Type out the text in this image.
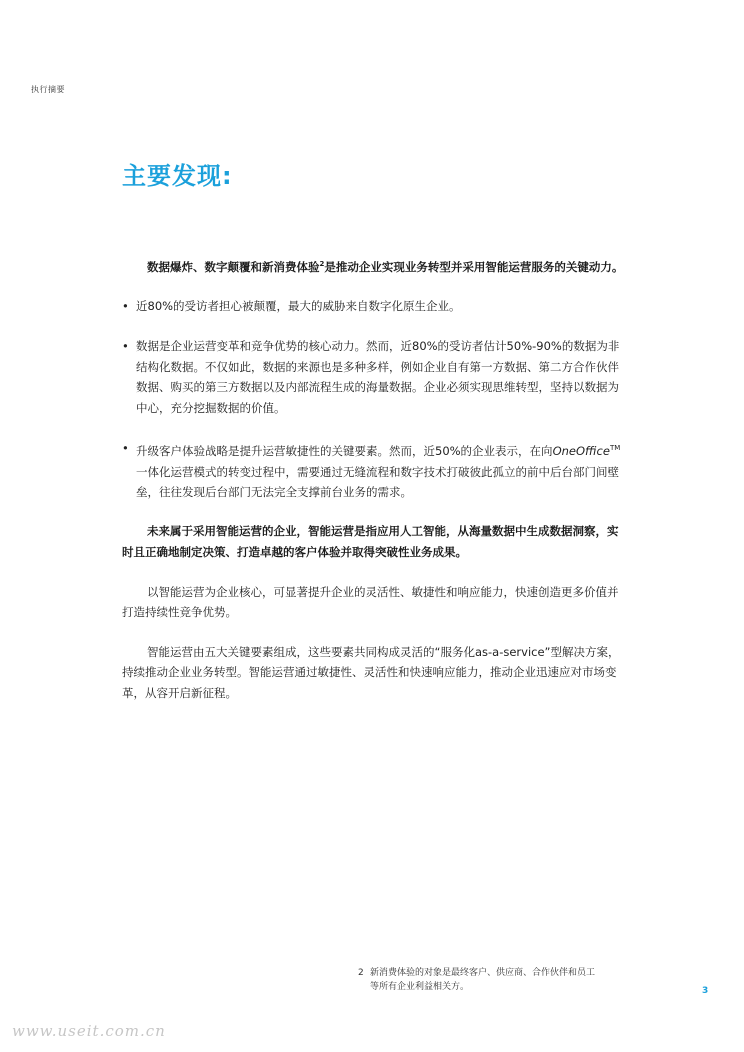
执行摘要
主要发现:

数据爆炸、数字颠覆和新消费体验$^2$是推动企业实现业务转型并采用智能运营服务的关键动力。

• 近80%的受访者担心被颠覆，最大的威胁来自数字化原生企业。
• 数据是企业运营变革和竞争优势的核心动力。然而，近80%的受访者估计50%-90%的数据为非结构化数据。不仅如此，数据的来源也是多种多样，例如企业自有第一方数据、第二方合作伙伴数据、购买的第三方数据以及内部流程生成的海量数据。企业必须实现思维转型，坚持以数据为中心，充分挖掘数据的价值。
• 升级客户体验战略是提升运营敏捷性的关键要素。然而，近50%的企业表示，在向OneOffice™一体化运营模式的转变过程中，需要通过无缝流程和数字技术打破彼此孤立的前中后台部门间壁垒，往往发现后台部门无法完全支撑前台业务的需求。

未来属于采用智能运营的企业，智能运营是指应用人工智能，从海量数据中生成数据洞察，实时且正确地制定决策、打造卓越的客户体验并取得突破性业务成果。

以智能运营为企业核心，可显著提升企业的灵活性、敏捷性和响应能力，快速创造更多价值并打造持续性竞争优势。

智能运营由五大关键要素组成，这些要素共同构成灵活的“服务化as-a-service”型解决方案，持续推动企业业务转型。智能运营通过敏捷性、灵活性和快速响应能力，推动企业迅速应对市场变革，从容开启新征程。

2 新消费体验的对象是最终客户、供应商、合作伙伴和员工
等所有企业利益相关方。	3
www.useit.com.cn
